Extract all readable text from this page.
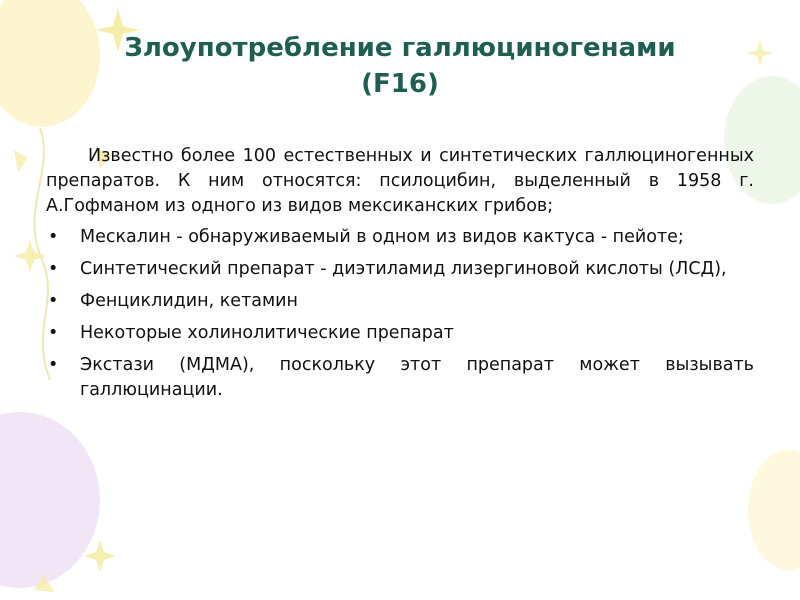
Злоупотребление галлюциногенами
(F16)

Известно более 100 естественных и синтетических галлюциногенных препаратов. К ним относятся: псилоцибин, выделенный в 1958 г. А.Гофманом из одного из видов мексиканских грибов;

• Мескалин - обнаруживаемый в одном из видов кактуса - пейоте;
• Синтетический препарат - диэтиламид лизергиновой кислоты (ЛСД),
• Фенциклидин, кетамин
• Некоторые холинолитические препарат
• Экстази (МДМА), поскольку этот препарат может вызывать галлюцинации.
